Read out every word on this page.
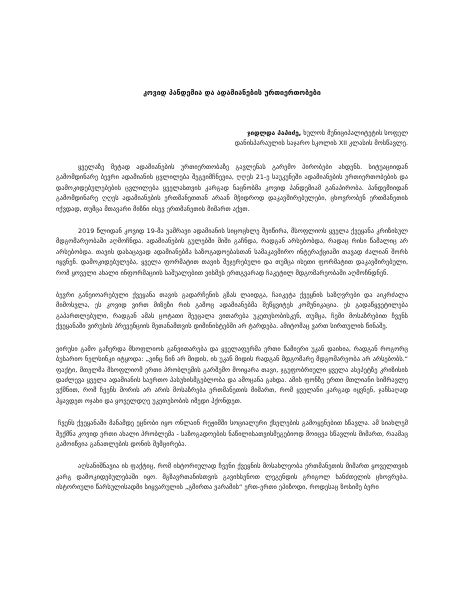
კოვიდ პანდემია და ადამიანების ურთიერთობები
ჯიდლდა პაპიძე, ხულოს მუნიციპალიტეტის სოფელ
დანისპარაულის საჯარო სკოლის XII კლასის მოსწავლე.

ყველაზე მეტად ადამიანების ურთიერთობაზე გავლენას გარემო პირობები ახდენს. სიტუაციიდან გამომდინარე ბევრი ადამიანის ცვლილება შეგვიმჩნევია, ღღეს 21-ე საუკუნეში ადამიანების ურთიერთობების და დამოკიდებულებების ცვლილება ყველასთვის კარგად ნაცნობმა კოვიდ პანდემიამ განაპირობა. პანდემიიდან გამომდინარე ღღეს ადამიანების ერთმანეთთან არაან მჭიდროდ დაკავშირებულები, ცხოვრობენ ერთმანეთის იქვდად, თუმცა მთავარი მიზნი ისევ ერთმანეთის მიმართ აქვთ.

2019 წლიდან კოვიდ 19-მა უამრავი ადამიანის სიცოცხლე შეიწირა, მსოფლიოს ყველა ქვეყანა კრიზისულ მდგომარეობაში აღმოჩნდა. ადამიანების გულებში შიში გაჩნდა, რადგან არსებობდა, რადაც რისი წამალიც არ არსებობდა. თავის დასაცავად ადამიანებმა საზოგადოებასთან სამაკავშირო ინტერაქციაში თავად ძალიან შორს იყვნენ. დამოკიდებულება, ყველა ფორმატით თავის შეჯერებული და თუმცა ისეთი ფორმატით დაკავშირებული, რომ ყოველი ახალი ინფორმაციის საშუალებით ვისმეს ერთგვარად ჩაკეტილ მდგომარეობაში აღმოჩნდნენ.

ბევრი განეიოარებული ქვეყანა თავის გადარჩენის გზას ლაიდგა, ჩაიკეტა ქვეყნის საზღვრები და აიკრძალა მიმოსვლა, ეს კოვიდ ვირთ მიზეზი რის გამოც ადამიანებმა შეწყვიტეს კომუნიკაცია. ეს გადაწყვეტილება გაპართლებული, რადგან ამას ცოტათი შეეცალა ვითარება უკეთესობისკენ, თუმცა, ჩემი მოსაზრებით ჩვენს ქვეყანაში ვირუსის პრევენციის მეთანამთვის დიმინისტებში არ ტარდება. ამიტომაც ვართ სირთულის წინაშე.

ვირუსი გამო გაჩერდა მსოფლიოს განვითარება და ყველაფერმა ერთი წამიერი უკან დაიხია, რადგან როგორც ბუსარიო ნელსინკი იტყოდა: „ვინც წინ არ მიდის, ის უკან მიდის რადგან მდგომარე მდგომარეობა არ არსებობს.“ ფაქტი, მთელმა მსოფლიომ ერთი პრობლემის გარშემო მოიყარა თავი, ჯგუფობრიული ყველა ასეპეტზე კრიზისის დაძლევა ყველა ადამიანის საერთო პასუხისმგებლობა და ამოცანა გახდა. ამის ფონზე ერთი მთლიანი სიმრავლე ვქმნით, რომ ჩვენს შორის არ არის მოსაზრება ერთმანეთის მიმართ, რომ ყველანი კარგად იყვნენ, ჯანსაღად ჰყავდეთ ოჯახი და ყოველდღე უკეთესობის იმედი ჰქონდეთ.

ჩვენს ქვეყანაში მანამდე ეცნობი იყო ონლაინ რეჟიმში სოციალური ქსელების გამოყენებით სწავლა. ამ სიახლემ შექმნა კოვიდ ერთი ახალი პრობლემა - საზოგადოების ნაწილისათვისმეგებიოდ მოიცვა სწავლის მიმართ, რაამაც გამოიწვია განათლების დონის შემცირება.

აღსანიშნავია ის ფაქტიც, რომ ისტორიულად ჩვენი ქვეყნის მოსახლეობა ერთმანეთის მიმართ ყოველთვის კარგ დამოკიდებულებაში იყო. მგზავრთანისთვის გავიხსენოთ ლეგენდის გრიგოლ ხანძთელის ცხოვრება. ისტორიული წარსულისადმი სიყვარულის „გმირთა ვარამის“ ერთ-ერთი ეპიზოდი, როდესაც ზოსიმე ბერი
